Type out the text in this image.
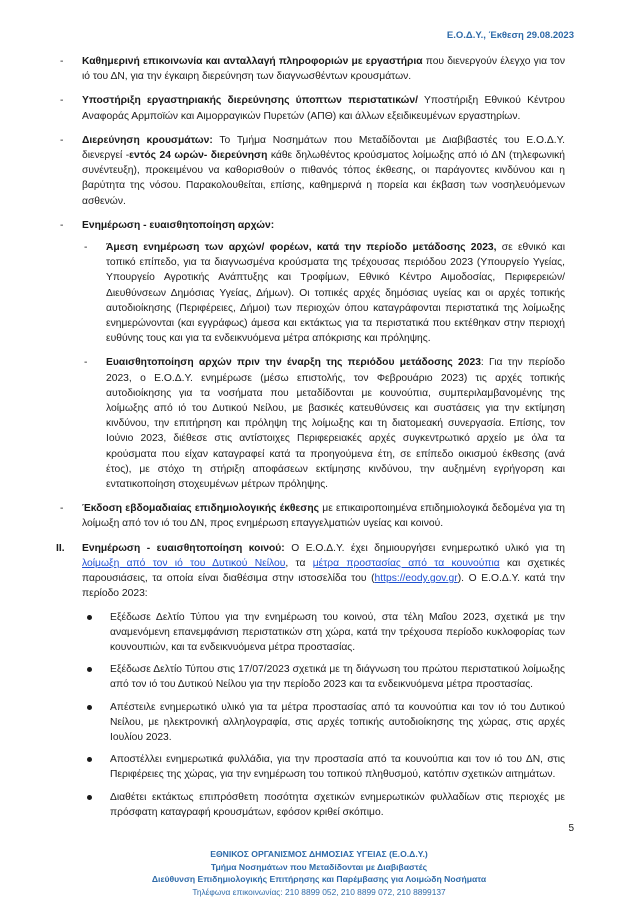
Ε.Ο.Δ.Υ., Έκθεση 29.08.2023
- Καθημερινή επικοινωνία και ανταλλαγή πληροφοριών με εργαστήρια που διενεργούν έλεγχο για τον ιό του ΔΝ, για την έγκαιρη διερεύνηση των διαγνωσθέντων κρουσμάτων.
- Υποστήριξη εργαστηριακής διερεύνησης ύποπτων περιστατικών/ Υποστήριξη Εθνικού Κέντρου Αναφοράς Αρμποϊών και Αιμορραγικών Πυρετών (ΑΠΘ) και άλλων εξειδικευμένων εργαστηρίων.
- Διερεύνηση κρουσμάτων: Το Τμήμα Νοσημάτων που Μεταδίδονται με Διαβιβαστές του Ε.Ο.Δ.Υ. διενεργεί -εντός 24 ωρών- διερεύνηση κάθε δηλωθέντος κρούσματος λοίμωξης από ιό ΔΝ (τηλεφωνική συνέντευξη), προκειμένου να καθορισθούν ο πιθανός τόπος έκθεσης, οι παράγοντες κινδύνου και η βαρύτητα της νόσου. Παρακολουθείται, επίσης, καθημερινά η πορεία και έκβαση των νοσηλευόμενων ασθενών.
- Ενημέρωση - ευαισθητοποίηση αρχών:
- Άμεση ενημέρωση των αρχών/ φορέων, κατά την περίοδο μετάδοσης 2023, σε εθνικό και τοπικό επίπεδο, για τα διαγνωσμένα κρούσματα της τρέχουσας περιόδου 2023 (Υπουργείο Υγείας, Υπουργείο Αγροτικής Ανάπτυξης και Τροφίμων, Εθνικό Κέντρο Αιμοδοσίας, Περιφερειών/ Διευθύνσεων Δημόσιας Υγείας, Δήμων). Οι τοπικές αρχές δημόσιας υγείας και οι αρχές τοπικής αυτοδιοίκησης (Περιφέρειες, Δήμοι) των περιοχών όπου καταγράφονται περιστατικά της λοίμωξης ενημερώνονται (και εγγράφως) άμεσα και εκτάκτως για τα περιστατικά που εκτέθηκαν στην περιοχή ευθύνης τους και για τα ενδεικνυόμενα μέτρα απόκρισης και πρόληψης.
- Ευαισθητοποίηση αρχών πριν την έναρξη της περιόδου μετάδοσης 2023: Για την περίοδο 2023, ο Ε.Ο.Δ.Υ. ενημέρωσε (μέσω επιστολής, τον Φεβρουάριο 2023) τις αρχές τοπικής αυτοδιοίκησης για τα νοσήματα που μεταδίδονται με κουνούπια, συμπεριλαμβανομένης της λοίμωξης από ιό του Δυτικού Νείλου, με βασικές κατευθύνσεις και συστάσεις για την εκτίμηση κινδύνου, την επιτήρηση και πρόληψη της λοίμωξης και τη διατομεακή συνεργασία. Επίσης, τον Ιούνιο 2023, διέθεσε στις αντίστοιχες Περιφερειακές αρχές συγκεντρωτικό αρχείο με όλα τα κρούσματα που είχαν καταγραφεί κατά τα προηγούμενα έτη, σε επίπεδο οικισμού έκθεσης (ανά έτος), με στόχο τη στήριξη αποφάσεων εκτίμησης κινδύνου, την αυξημένη εγρήγορση και εντατικοποίηση στοχευμένων μέτρων πρόληψης.
- Έκδοση εβδομαδιαίας επιδημιολογικής έκθεσης με επικαιροποιημένα επιδημιολογικά δεδομένα για τη λοίμωξη από τον ιό του ΔΝ, προς ενημέρωση επαγγελματιών υγείας και κοινού.
II. Ενημέρωση - ευαισθητοποίηση κοινού: Ο Ε.Ο.Δ.Υ. έχει δημιουργήσει ενημερωτικό υλικό για τη λοίμωξη από τον ιό του Δυτικού Νείλου, τα μέτρα προστασίας από τα κουνούπια και σχετικές παρουσιάσεις, τα οποία είναι διαθέσιμα στην ιστοσελίδα του (https://eody.gov.gr). Ο Ε.Ο.Δ.Υ. κατά την περίοδο 2023:
Εξέδωσε Δελτίο Τύπου για την ενημέρωση του κοινού, στα τέλη Μαΐου 2023, σχετικά με την αναμενόμενη επανεμφάνιση περιστατικών στη χώρα, κατά την τρέχουσα περίοδο κυκλοφορίας των κουνουπιών, και τα ενδεικνυόμενα μέτρα προστασίας.
Εξέδωσε Δελτίο Τύπου στις 17/07/2023 σχετικά με τη διάγνωση του πρώτου περιστατικού λοίμωξης από τον ιό του Δυτικού Νείλου για την περίοδο 2023 και τα ενδεικνυόμενα μέτρα προστασίας.
Απέστειλε ενημερωτικό υλικό για τα μέτρα προστασίας από τα κουνούπια και τον ιό του Δυτικού Νείλου, με ηλεκτρονική αλληλογραφία, στις αρχές τοπικής αυτοδιοίκησης της χώρας, στις αρχές Ιουλίου 2023.
Αποστέλλει ενημερωτικά φυλλάδια, για την προστασία από τα κουνούπια και τον ιό του ΔΝ, στις Περιφέρειες της χώρας, για την ενημέρωση του τοπικού πληθυσμού, κατόπιν σχετικών αιτημάτων.
Διαθέτει εκτάκτως επιπρόσθετη ποσότητα σχετικών ενημερωτικών φυλλαδίων στις περιοχές με πρόσφατη καταγραφή κρουσμάτων, εφόσον κριθεί σκόπιμο.
5
ΕΘΝΙΚΟΣ ΟΡΓΑΝΙΣΜΟΣ ΔΗΜΟΣΙΑΣ ΥΓΕΙΑΣ (Ε.Ο.Δ.Υ.)
Τμήμα Νοσημάτων που Μεταδίδονται με Διαβιβαστές
Διεύθυνση Επιδημιολογικής Επιτήρησης και Παρέμβασης για Λοιμώδη Νοσήματα
Τηλέφωνα επικοινωνίας: 210 8899 052, 210 8899 072, 210 8899137
